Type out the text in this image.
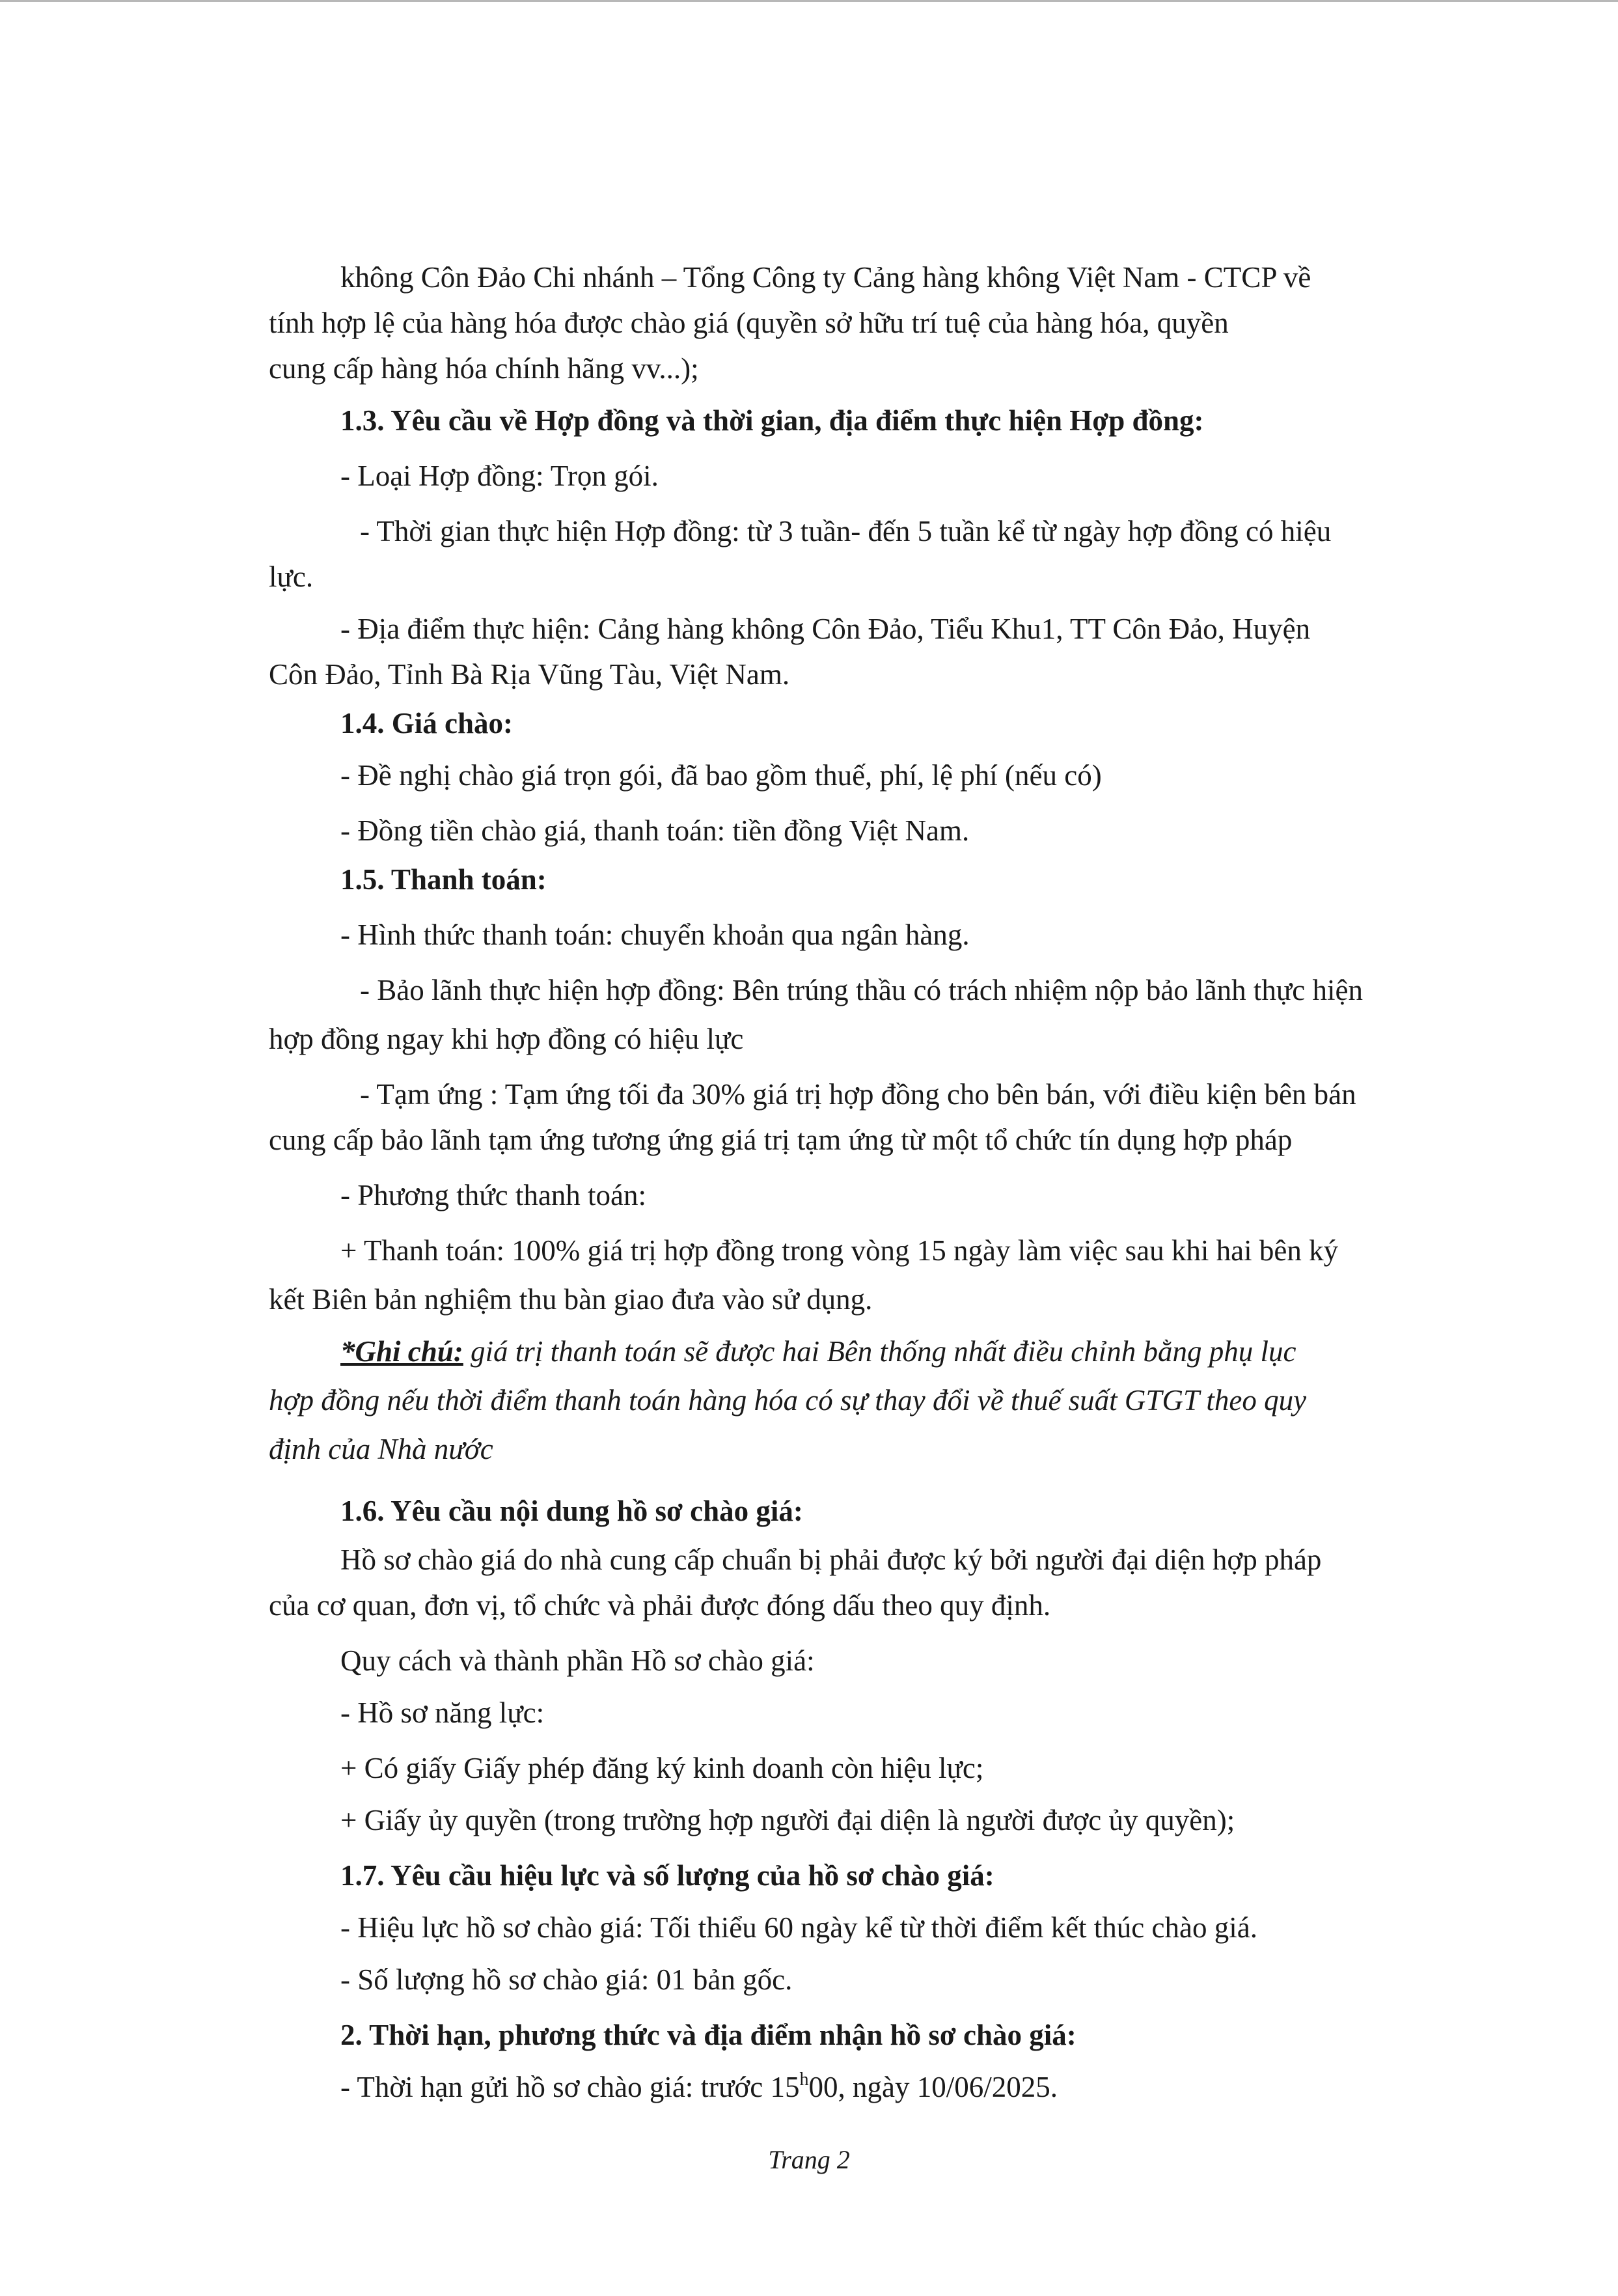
không Côn Đảo Chi nhánh – Tổng Công ty Cảng hàng không Việt Nam - CTCP về
tính hợp lệ của hàng hóa được chào giá (quyền sở hữu trí tuệ của hàng hóa, quyền
cung cấp hàng hóa chính hãng vv...);
1.3. Yêu cầu về Hợp đồng và thời gian, địa điểm thực hiện Hợp đồng:
- Loại Hợp đồng: Trọn gói.
- Thời gian thực hiện Hợp đồng: từ 3 tuần- đến 5 tuần kể từ ngày hợp đồng có hiệu
lực.
- Địa điểm thực hiện: Cảng hàng không Côn Đảo, Tiểu Khu1, TT Côn Đảo, Huyện
Côn Đảo, Tỉnh Bà Rịa Vũng Tàu, Việt Nam.
1.4. Giá chào:
- Đề nghị chào giá trọn gói, đã bao gồm thuế, phí, lệ phí (nếu có)
- Đồng tiền chào giá, thanh toán: tiền đồng Việt Nam.
1.5. Thanh toán:
- Hình thức thanh toán: chuyển khoản qua ngân hàng.
- Bảo lãnh thực hiện hợp đồng: Bên trúng thầu có trách nhiệm nộp bảo lãnh thực hiện
hợp đồng ngay khi hợp đồng có hiệu lực
- Tạm ứng : Tạm ứng tối đa 30% giá trị hợp đồng cho bên bán, với điều kiện bên bán
cung cấp bảo lãnh tạm ứng tương ứng giá trị tạm ứng từ một tổ chức tín dụng hợp pháp
- Phương thức thanh toán:
+ Thanh toán: 100% giá trị hợp đồng trong vòng 15 ngày làm việc sau khi hai bên ký
kết Biên bản nghiệm thu bàn giao đưa vào sử dụng.
*Ghi chú: giá trị thanh toán sẽ được hai Bên thống nhất điều chỉnh bằng phụ lục
hợp đồng nếu thời điểm thanh toán hàng hóa có sự thay đổi về thuế suất GTGT theo quy
định của Nhà nước
1.6. Yêu cầu nội dung hồ sơ chào giá:
Hồ sơ chào giá do nhà cung cấp chuẩn bị phải được ký bởi người đại diện hợp pháp
của cơ quan, đơn vị, tổ chức và phải được đóng dấu theo quy định.
Quy cách và thành phần Hồ sơ chào giá:
- Hồ sơ năng lực:
+ Có giấy Giấy phép đăng ký kinh doanh còn hiệu lực;
+ Giấy ủy quyền (trong trường hợp người đại diện là người được ủy quyền);
1.7. Yêu cầu hiệu lực và số lượng của hồ sơ chào giá:
- Hiệu lực hồ sơ chào giá: Tối thiểu 60 ngày kể từ thời điểm kết thúc chào giá.
- Số lượng hồ sơ chào giá: 01 bản gốc.
2. Thời hạn, phương thức và địa điểm nhận hồ sơ chào giá:
- Thời hạn gửi hồ sơ chào giá: trước 15$^h$00, ngày 10/06/2025.
Trang 2
